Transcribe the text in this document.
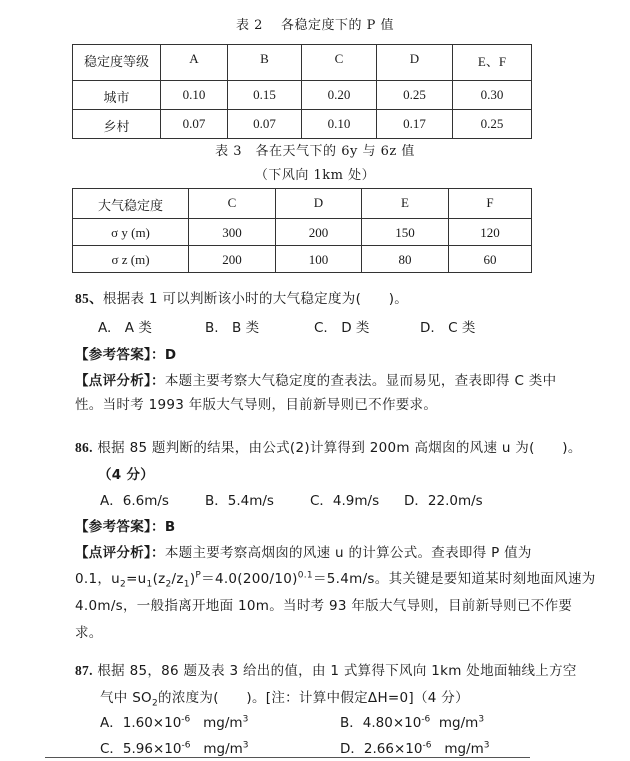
表 2　 各稳定度下的 P 值
稳定度等级	A	B	C	D	E、F
城市	0.10	0.15	0.20	0.25	0.30
乡村	0.07	0.07	0.10	0.17	0.25
表 3　各在天气下的 6y 与 6z 值
（下风向 1km 处）
大气稳定度	C	D	E	F
σ y (m)	300	200	150	120
σ z (m)	200	100	80	60
85、根据表 1 可以判断该小时的大气稳定度为(　　)。
A.　A 类	B.　B 类	C.　D 类	D.　C 类
【参考答案】：D
【点评分析】：本题主要考察大气稳定度的查表法。显而易见，查表即得 C 类中
性。当时考 1993 年版大气导则，目前新导则已不作要求。
86. 根据 85 题判断的结果，由公式(2)计算得到 200m 高烟囱的风速 u 为(　　)。
（4 分）
A．6.6m/s	B．5.4m/s	C．4.9m/s D．22.0m/s
【参考答案】：B
【点评分析】：本题主要考察高烟囱的风速 u 的计算公式。查表即得 P 值为
0.1，$u_2=u_1(z_2/z_1)^P=4.0(200/10)^{0.1}=5.4m/s$。其关键是要知道某时刻地面风速为
4.0m/s，一般指离开地面 10m。当时考 93 年版大气导则，目前新导则已不作要
求。
87. 根据 85，86 题及表 3 给出的值，由 1 式算得下风向 1km 处地面轴线上方空
气中 $SO_2$的浓度为(　　)。[注：计算中假定ΔH=0]（4 分）
A．$1.60\times 10^{-6}$ $mg/m^3$	B．$4.80\times 10^{-6}$ $mg/m^3$
C．$5.96\times 10^{-6}$ $mg/m^3$	D．$2.66\times 10^{-6}$ $mg/m^3$
